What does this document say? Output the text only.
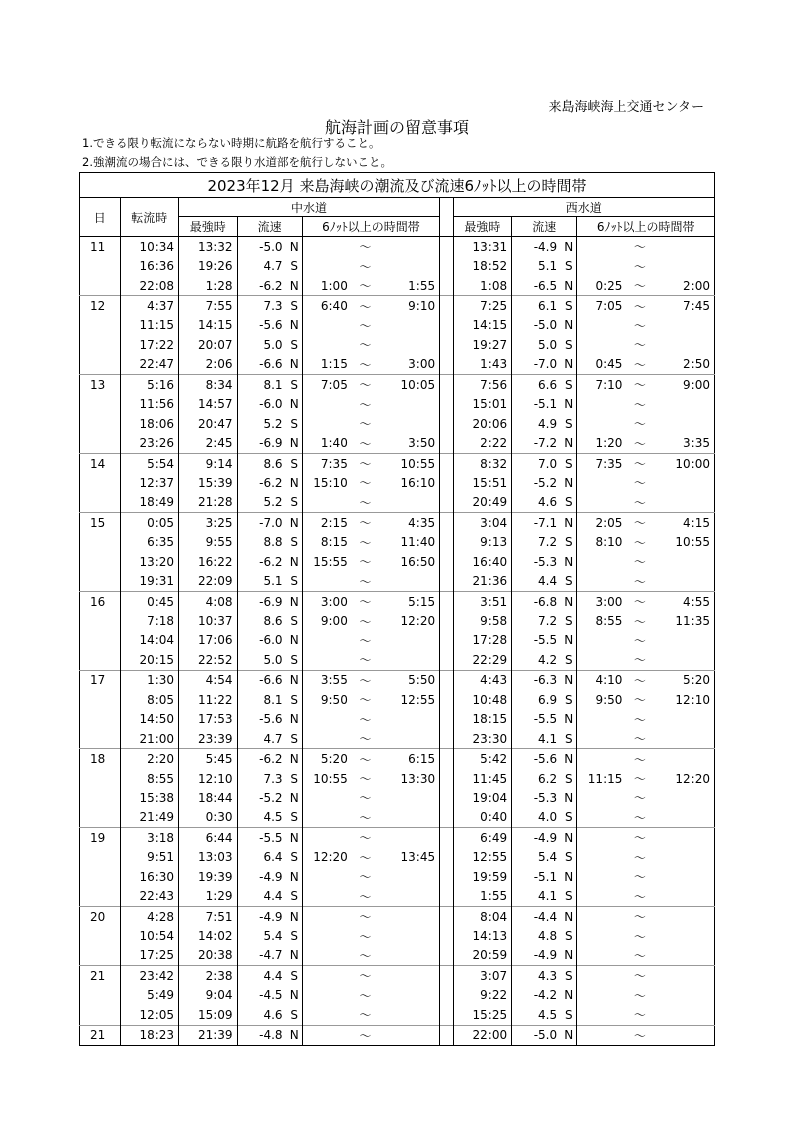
来島海峡海上交通センター
航海計画の留意事項
1.できる限り転流にならない時期に航路を航行すること。
2.強潮流の場合には、できる限り水道部を航行しないこと。
2023年12月 来島海峡の潮流及び流速6ﾉｯﾄ以上の時間帯														
日	転流時	中水道							西水道					
		最強時	流速		6ﾉｯﾄ以上の時間帯				最強時	流速		6ﾉｯﾄ以上の時間帯		
11	10:34	13:32	-5.0	N		～			13:31	-4.9	N		～	
	16:36	19:26	4.7	S		～			18:52	5.1	S		～	
	22:08	1:28	-6.2	N	1:00	～	1:55		1:08	-6.5	N	0:25	～	2:00
12	4:37	7:55	7.3	S	6:40	～	9:10		7:25	6.1	S	7:05	～	7:45
	11:15	14:15	-5.6	N		～			14:15	-5.0	N		～	
	17:22	20:07	5.0	S		～			19:27	5.0	S		～	
	22:47	2:06	-6.6	N	1:15	～	3:00		1:43	-7.0	N	0:45	～	2:50
13	5:16	8:34	8.1	S	7:05	～	10:05		7:56	6.6	S	7:10	～	9:00
	11:56	14:57	-6.0	N		～			15:01	-5.1	N		～	
	18:06	20:47	5.2	S		～			20:06	4.9	S		～	
	23:26	2:45	-6.9	N	1:40	～	3:50		2:22	-7.2	N	1:20	～	3:35
14	5:54	9:14	8.6	S	7:35	～	10:55		8:32	7.0	S	7:35	～	10:00
	12:37	15:39	-6.2	N	15:10	～	16:10		15:51	-5.2	N		～	
	18:49	21:28	5.2	S		～			20:49	4.6	S		～	
15	0:05	3:25	-7.0	N	2:15	～	4:35		3:04	-7.1	N	2:05	～	4:15
	6:35	9:55	8.8	S	8:15	～	11:40		9:13	7.2	S	8:10	～	10:55
	13:20	16:22	-6.2	N	15:55	～	16:50		16:40	-5.3	N		～	
	19:31	22:09	5.1	S		～			21:36	4.4	S		～	
16	0:45	4:08	-6.9	N	3:00	～	5:15		3:51	-6.8	N	3:00	～	4:55
	7:18	10:37	8.6	S	9:00	～	12:20		9:58	7.2	S	8:55	～	11:35
	14:04	17:06	-6.0	N		～			17:28	-5.5	N		～	
	20:15	22:52	5.0	S		～			22:29	4.2	S		～	
17	1:30	4:54	-6.6	N	3:55	～	5:50		4:43	-6.3	N	4:10	～	5:20
	8:05	11:22	8.1	S	9:50	～	12:55		10:48	6.9	S	9:50	～	12:10
	14:50	17:53	-5.6	N		～			18:15	-5.5	N		～	
	21:00	23:39	4.7	S		～			23:30	4.1	S		～	
18	2:20	5:45	-6.2	N	5:20	～	6:15		5:42	-5.6	N		～	
	8:55	12:10	7.3	S	10:55	～	13:30		11:45	6.2	S	11:15	～	12:20
	15:38	18:44	-5.2	N		～			19:04	-5.3	N		～	
	21:49	0:30	4.5	S		～			0:40	4.0	S		～	
19	3:18	6:44	-5.5	N		～			6:49	-4.9	N		～	
	9:51	13:03	6.4	S	12:20	～	13:45		12:55	5.4	S		～	
	16:30	19:39	-4.9	N		～			19:59	-5.1	N		～	
	22:43	1:29	4.4	S		～			1:55	4.1	S		～	
20	4:28	7:51	-4.9	N		～			8:04	-4.4	N		～	
	10:54	14:02	5.4	S		～			14:13	4.8	S		～	
	17:25	20:38	-4.7	N		～			20:59	-4.9	N		～	
21	23:42	2:38	4.4	S		～			3:07	4.3	S		～	
	5:49	9:04	-4.5	N		～			9:22	-4.2	N		～	
	12:05	15:09	4.6	S		～			15:25	4.5	S		～	
21	18:23	21:39	-4.8	N		～			22:00	-5.0	N		～	
